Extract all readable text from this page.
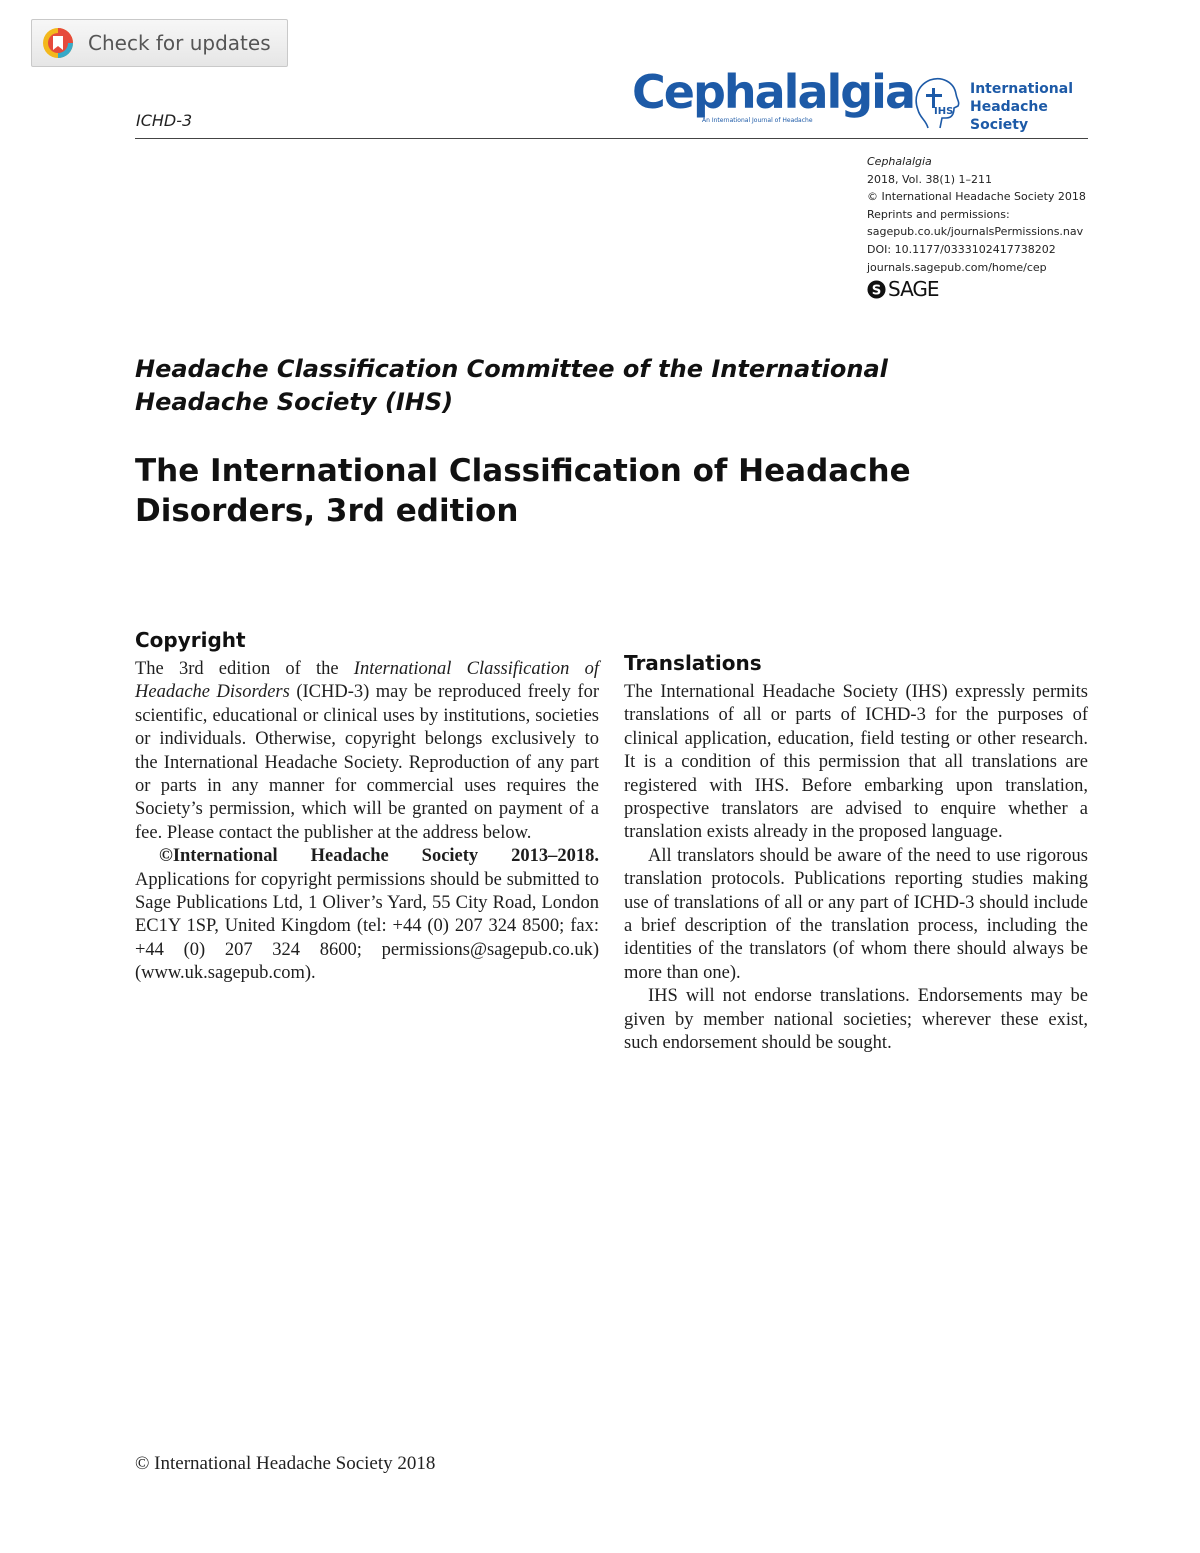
Check for updates
ICHD-3
Cephalalgia
An International Journal of Headache
IHS
International
Headache Society
Cephalalgia
2018, Vol. 38(1) 1–211
© International Headache Society 2018
Reprints and permissions:
sagepub.co.uk/journalsPermissions.nav
DOI: 10.1177/0333102417738202
journals.sagepub.com/home/cep
S SAGE
Headache Classification Committee of the International Headache Society (IHS)
The International Classification of Headache Disorders, 3rd edition
Copyright

The 3rd edition of the International Classification of Headache Disorders (ICHD-3) may be reproduced freely for scientific, educational or clinical uses by institutions, societies or individuals. Otherwise, copyright belongs exclusively to the International Headache Society. Reproduction of any part or parts in any manner for commercial uses requires the Society’s permission, which will be granted on payment of a fee. Please contact the publisher at the address below.

©International Headache Society 2013–2018. Applications for copyright permissions should be submitted to Sage Publications Ltd, 1 Oliver’s Yard, 55 City Road, London EC1Y 1SP, United Kingdom (tel: +44 (0) 207 324 8500; fax: +44 (0) 207 324 8600; permissions@sagepub.co.uk) (www.uk.sagepub.com).

Translations

The International Headache Society (IHS) expressly permits translations of all or parts of ICHD-3 for the purposes of clinical application, education, field testing or other research. It is a condition of this permission that all translations are registered with IHS. Before embarking upon translation, prospective translators are advised to enquire whether a translation exists already in the proposed language.

All translators should be aware of the need to use rigorous translation protocols. Publications reporting studies making use of translations of all or any part of ICHD-3 should include a brief description of the translation process, including the identities of the translators (of whom there should always be more than one).

IHS will not endorse translations. Endorsements may be given by member national societies; wherever these exist, such endorsement should be sought.

© International Headache Society 2018
